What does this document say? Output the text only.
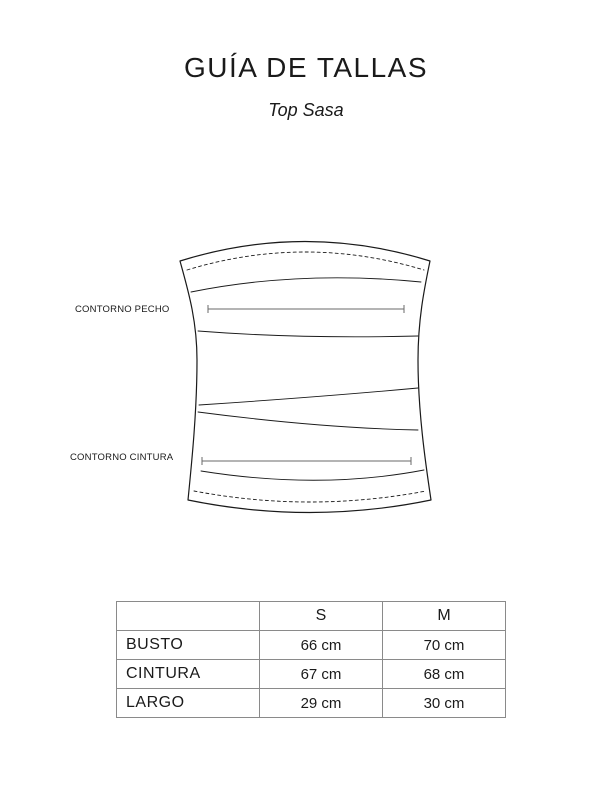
GUÍA DE TALLAS
Top Sasa
CONTORNO PECHO
CONTORNO CINTURA
	S	M
BUSTO	66 cm	70 cm
CINTURA	67 cm	68 cm
LARGO	29 cm	30 cm
